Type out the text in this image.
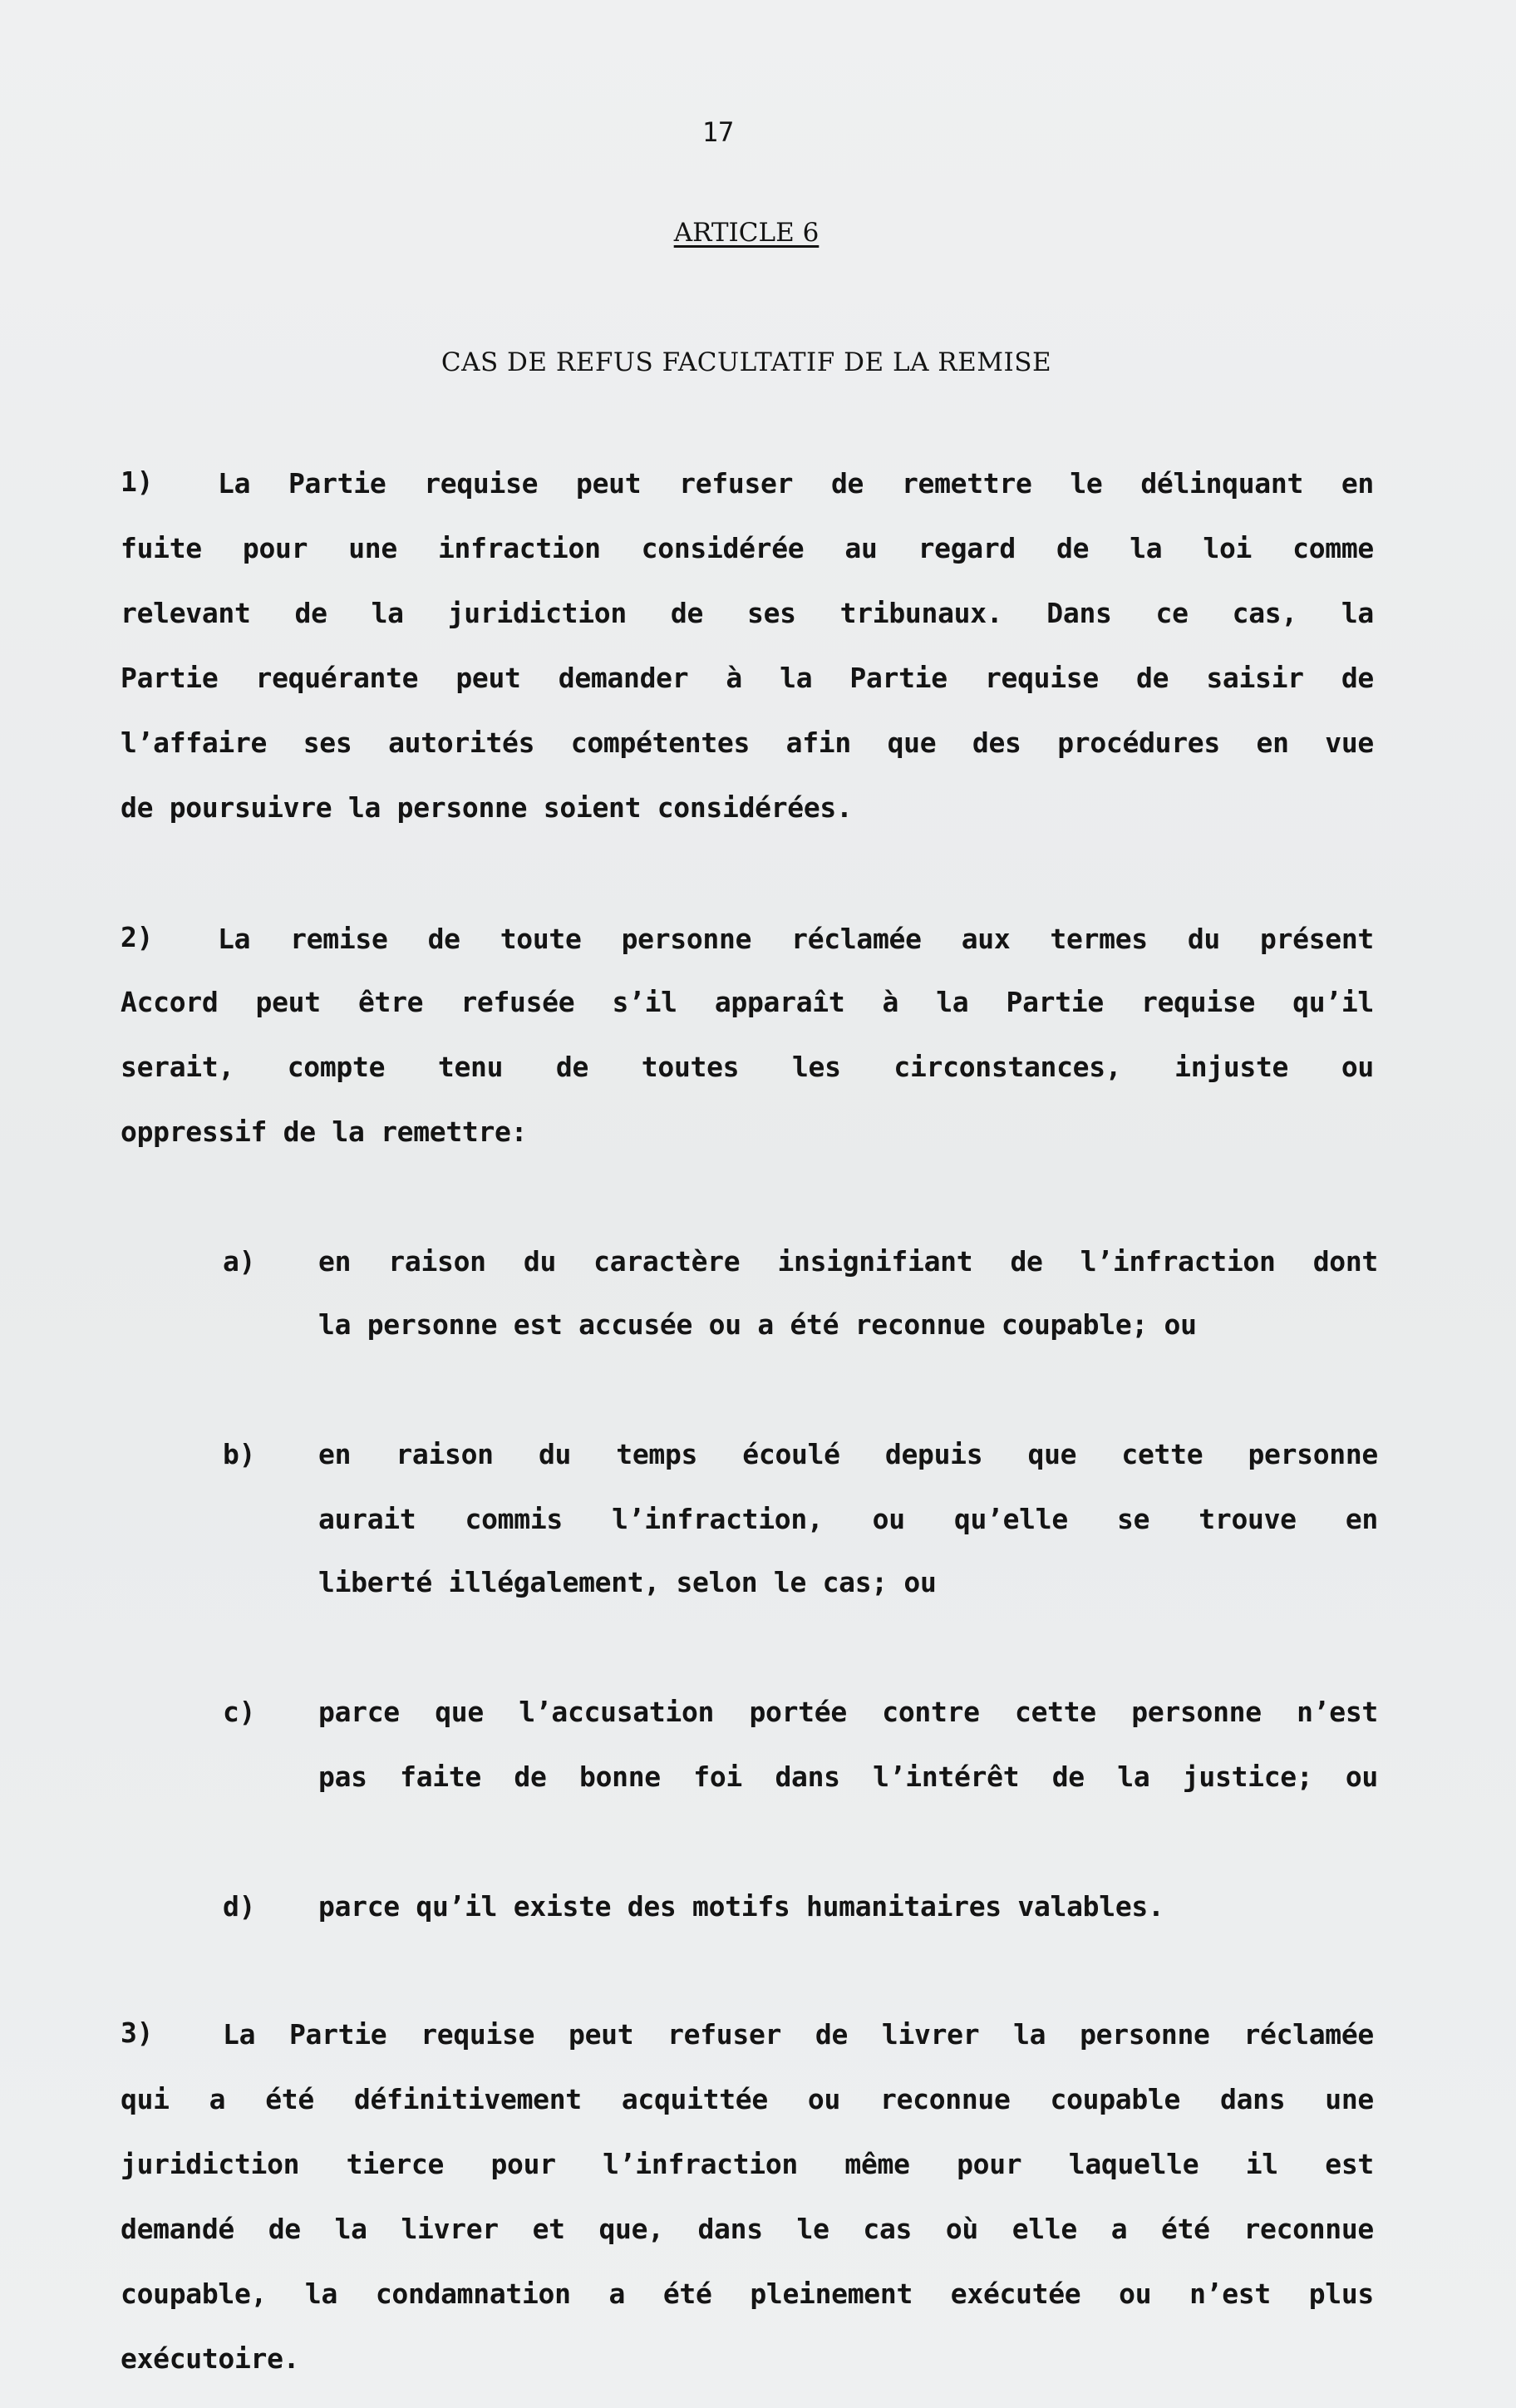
17
ARTICLE 6
CAS DE REFUS FACULTATIF DE LA REMISE
1) La Partie requise peut refuser de remettre le délinquant en
fuite pour une infraction considérée au regard de la loi comme
relevant de la juridiction de ses tribunaux. Dans ce cas, la
Partie requérante peut demander à la Partie requise de saisir de
l’affaire ses autorités compétentes afin que des procédures en vue
de poursuivre la personne soient considérées.
2) La remise de toute personne réclamée aux termes du présent
Accord peut être refusée s’il apparaît à la Partie requise qu’il
serait, compte tenu de toutes les circonstances, injuste ou
oppressif de la remettre:
a) en raison du caractère insignifiant de l’infraction dont
la personne est accusée ou a été reconnue coupable; ou
b) en raison du temps écoulé depuis que cette personne
aurait commis l’infraction, ou qu’elle se trouve en
liberté illégalement, selon le cas; ou
c) parce que l’accusation portée contre cette personne n’est
pas faite de bonne foi dans l’intérêt de la justice; ou
d) parce qu’il existe des motifs humanitaires valables.
3)	La Partie requise peut refuser de livrer la personne réclamée
qui a été définitivement acquittée ou reconnue coupable dans une
juridiction tierce pour l’infraction même pour laquelle il est
demandé de la livrer et que, dans le cas où elle a été reconnue
coupable, la condamnation a été pleinement exécutée ou n’est plus
exécutoire.
